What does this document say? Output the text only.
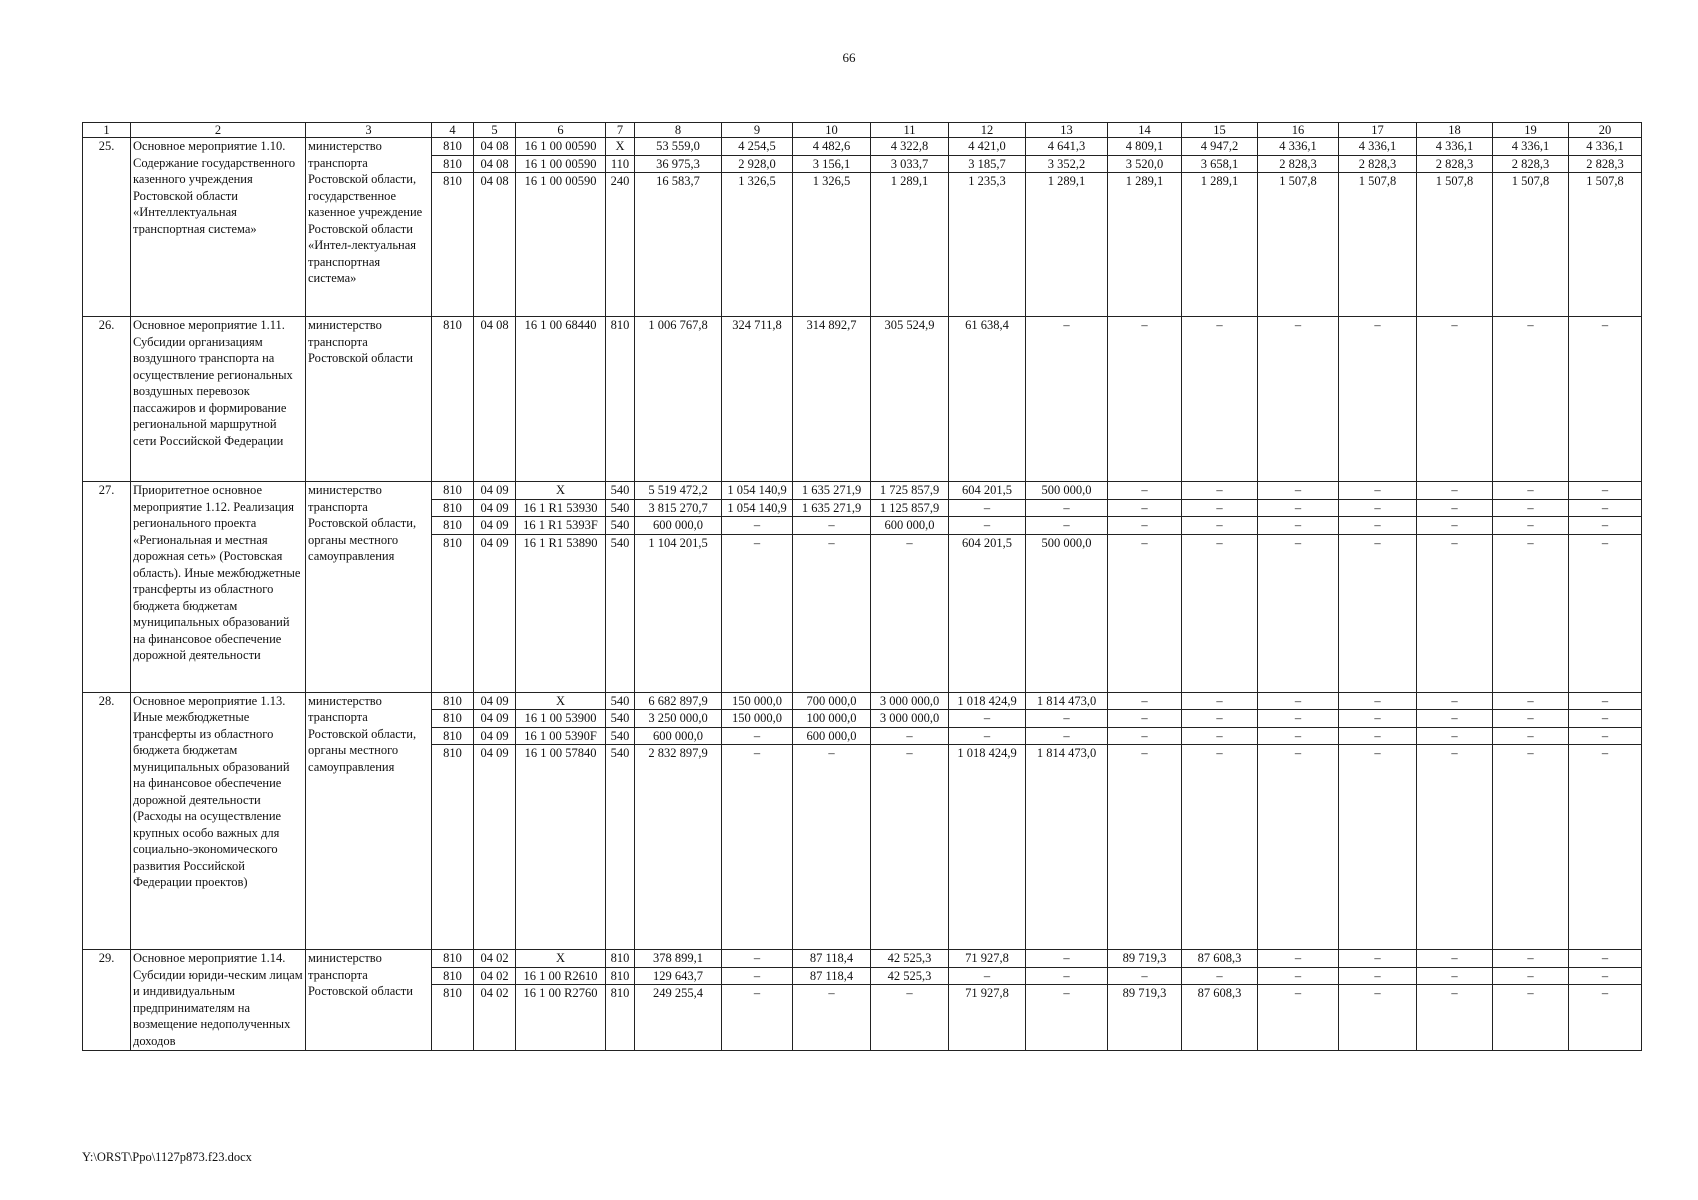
66
1	2	3	4	5	6	7	8	9	10	11	12	13	14	15	16	17	18	19	20
25.	Основное мероприятие 1.10. Содержание государственного казенного учреждения Ростовской области «Интеллектуальная транспортная система»	министерство транспорта Ростовской области, государственное казенное учреждение Ростовской области «Интел-лектуальная транспортная система»	810	04 08	16 1 00 00590	X	53 559,0	4 254,5	4 482,6	4 322,8	4 421,0	4 641,3	4 809,1	4 947,2	4 336,1	4 336,1	4 336,1	4 336,1	4 336,1
			810	04 08	16 1 00 00590	110	36 975,3	2 928,0	3 156,1	3 033,7	3 185,7	3 352,2	3 520,0	3 658,1	2 828,3	2 828,3	2 828,3	2 828,3	2 828,3
			810	04 08	16 1 00 00590	240	16 583,7	1 326,5	1 326,5	1 289,1	1 235,3	1 289,1	1 289,1	1 289,1	1 507,8	1 507,8	1 507,8	1 507,8	1 507,8
26.	Основное мероприятие 1.11. Субсидии организациям воздушного транспорта на осуществление региональных воздушных перевозок пассажиров и формирование региональной маршрутной сети Российской Федерации	министерство транспорта Ростовской области	810	04 08	16 1 00 68440	810	1 006 767,8	324 711,8	314 892,7	305 524,9	61 638,4	–	–	–	–	–	–	–	–
27.	Приоритетное основное мероприятие 1.12. Реализация регионального проекта «Региональная и местная дорожная сеть» (Ростовская область). Иные межбюджетные трансферты из областного бюджета бюджетам муниципальных образований на финансовое обеспечение дорожной деятельности	министерство транспорта Ростовской области, органы местного самоуправления	810	04 09	X	540	5 519 472,2	1 054 140,9	1 635 271,9	1 725 857,9	604 201,5	500 000,0	–	–	–	–	–	–	–
			810	04 09	16 1 R1 53930	540	3 815 270,7	1 054 140,9	1 635 271,9	1 125 857,9	–	–	–	–	–	–	–	–	–
			810	04 09	16 1 R1 5393F	540	600 000,0	–	–	600 000,0	–	–	–	–	–	–	–	–	–
			810	04 09	16 1 R1 53890	540	1 104 201,5	–	–	–	604 201,5	500 000,0	–	–	–	–	–	–	–
28.	Основное мероприятие 1.13. Иные межбюджетные трансферты из областного бюджета бюджетам муниципальных образований на финансовое обеспечение дорожной деятельности (Расходы на осуществление крупных особо важных для социально-экономического развития Российской Федерации проектов)	министерство транспорта Ростовской области, органы местного самоуправления	810	04 09	X	540	6 682 897,9	150 000,0	700 000,0	3 000 000,0	1 018 424,9	1 814 473,0	–	–	–	–	–	–	–
			810	04 09	16 1 00 53900	540	3 250 000,0	150 000,0	100 000,0	3 000 000,0	–	–	–	–	–	–	–	–	–
			810	04 09	16 1 00 5390F	540	600 000,0	–	600 000,0	–	–	–	–	–	–	–	–	–	–
			810	04 09	16 1 00 57840	540	2 832 897,9	–	–	–	1 018 424,9	1 814 473,0	–	–	–	–	–	–	–
29.	Основное мероприятие 1.14. Субсидии юриди-ческим лицам и индивидуальным предпринимателям на возмещение недополученных доходов	министерство транспорта Ростовской области	810	04 02	X	810	378 899,1	–	87 118,4	42 525,3	71 927,8	–	89 719,3	87 608,3	–	–	–	–	–
			810	04 02	16 1 00 R2610	810	129 643,7	–	87 118,4	42 525,3	–	–	–	–	–	–	–	–	–
			810	04 02	16 1 00 R2760	810	249 255,4	–	–	–	71 927,8	–	89 719,3	87 608,3	–	–	–	–	–
Y:\ORST\Ppo\1127p873.f23.docx
